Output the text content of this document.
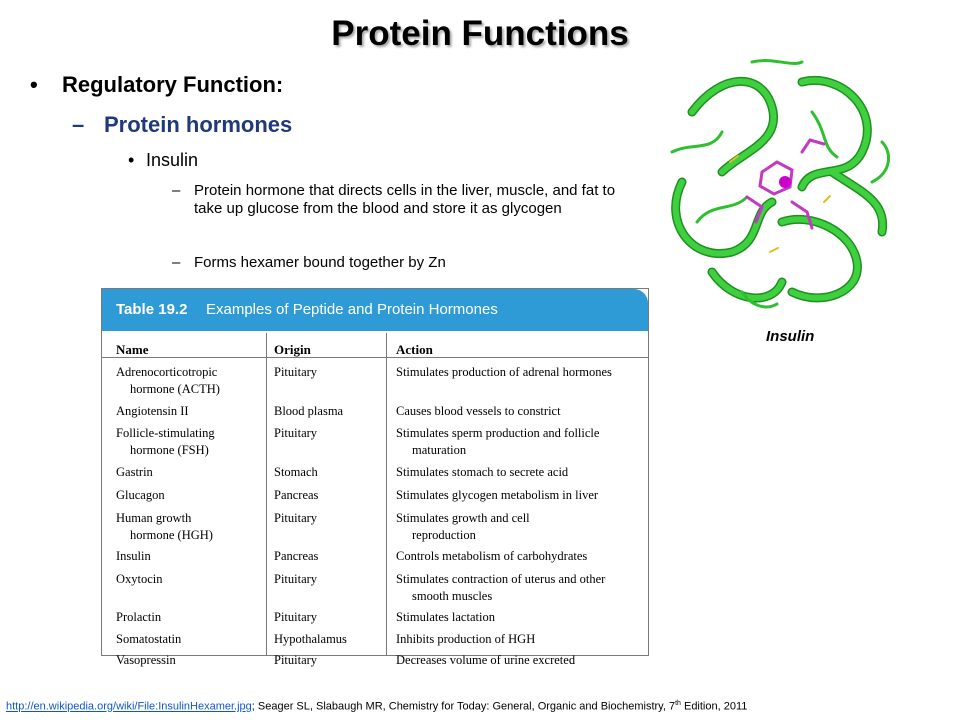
Protein Functions
• Regulatory Function:
– Protein hormones
• Insulin
– Protein hormone that directs cells in the liver, muscle, and fat to take up glucose from the blood and store it as glycogen
– Forms hexamer bound together by Zn
Insulin
Table 19.2 Examples of Peptide and Protein Hormones
Name	Origin	Action
Adrenocorticotropic
hormone (ACTH)
Pituitary	Stimulates production of adrenal hormones
Angiotensin II	Blood plasma	Causes blood vessels to constrict
Follicle-stimulating
hormone (FSH)
Pituitary	Stimulates sperm production and follicle
maturation
Gastrin	Stomach	Stimulates stomach to secrete acid
Glucagon	Pancreas	Stimulates glycogen metabolism in liver
Human growth
hormone (HGH)
Pituitary	Stimulates growth and cell
reproduction
Insulin	Pancreas	Controls metabolism of carbohydrates
Oxytocin	Pituitary	Stimulates contraction of uterus and other
smooth muscles
Prolactin	Pituitary	Stimulates lactation
Somatostatin	Hypothalamus	Inhibits production of HGH
Vasopressin	Pituitary	Decreases volume of urine excreted
http://en.wikipedia.org/wiki/File:InsulinHexamer.jpg; Seager SL, Slabaugh MR, Chemistry for Today: General, Organic and Biochemistry, 7th Edition, 2011
